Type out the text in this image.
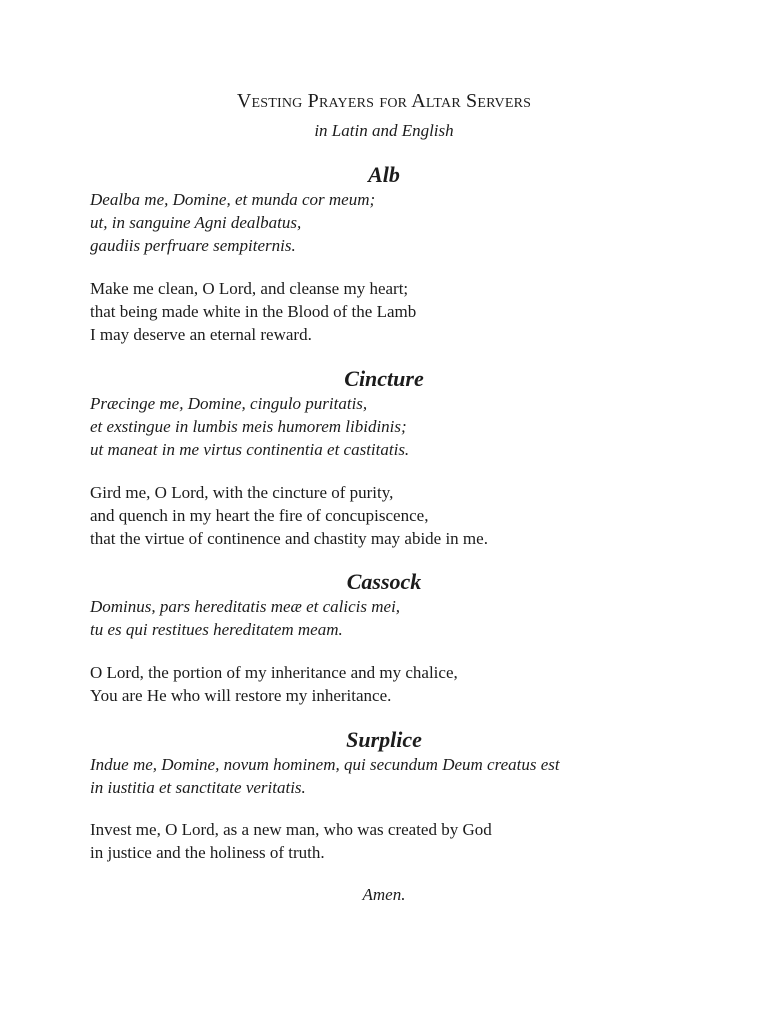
Vesting Prayers for Altar Servers
in Latin and English
Alb
Dealba me, Domine, et munda cor meum;
ut, in sanguine Agni dealbatus,
gaudiis perfruare sempiternis.
Make me clean, O Lord, and cleanse my heart;
that being made white in the Blood of the Lamb
I may deserve an eternal reward.
Cincture
Præcinge me, Domine, cingulo puritatis,
et exstingue in lumbis meis humorem libidinis;
ut maneat in me virtus continentia et castitatis.
Gird me, O Lord, with the cincture of purity,
and quench in my heart the fire of concupiscence,
that the virtue of continence and chastity may abide in me.
Cassock
Dominus, pars hereditatis meæ et calicis mei,
tu es qui restitues hereditatem meam.
O Lord, the portion of my inheritance and my chalice,
You are He who will restore my inheritance.
Surplice
Indue me, Domine, novum hominem, qui secundum Deum creatus est
in iustitia et sanctitate veritatis.
Invest me, O Lord, as a new man, who was created by God
in justice and the holiness of truth.
Amen.
